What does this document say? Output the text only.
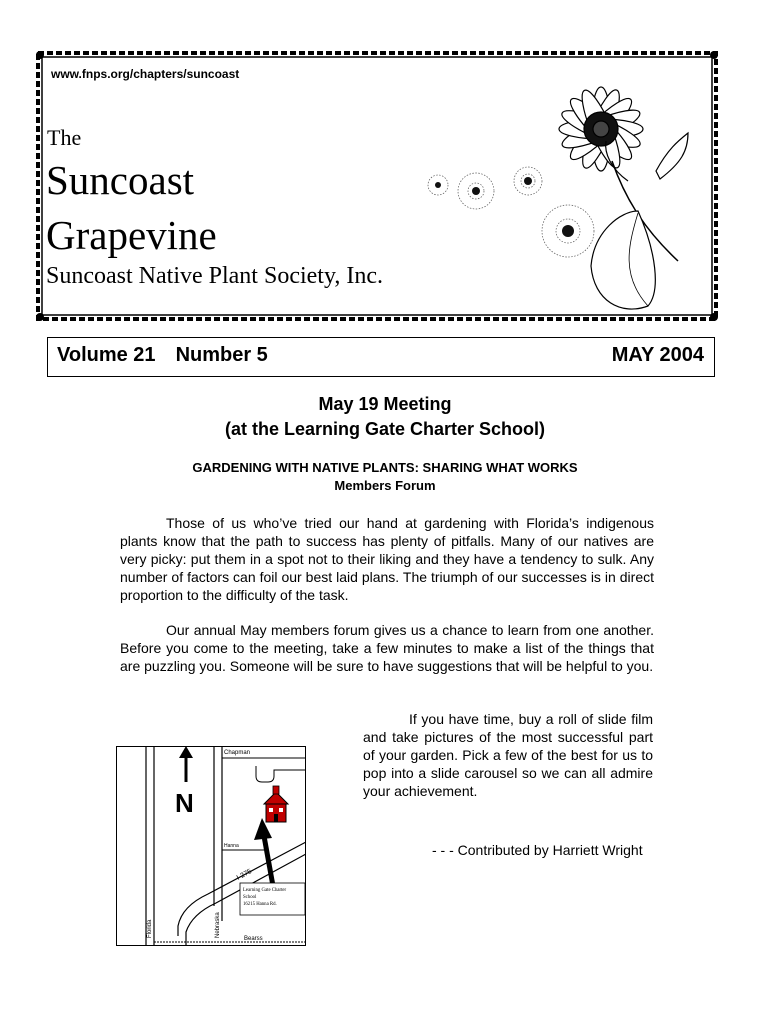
www.fnps.org/chapters/suncoast
The
Suncoast
Grapevine
Suncoast Native Plant Society, Inc.
Volume 21 Number 5	MAY 2004
May 19 Meeting
(at the Learning Gate Charter School)
GARDENING WITH NATIVE PLANTS: SHARING WHAT WORKS
Members Forum
Those of us who’ve tried our hand at gardening with Florida’s indigenous plants know that the path to success has plenty of pitfalls. Many of our natives are very picky: put them in a spot not to their liking and they have a tendency to sulk. Any number of factors can foil our best laid plans. The triumph of our successes is in direct proportion to the difficulty of the task.
Our annual May members forum gives us a chance to learn from one another. Before you come to the meeting, take a few minutes to make a list of the things that are puzzling you. Someone will be sure to have suggestions that will be helpful to you.
If you have time, buy a roll of slide film and take pictures of the most successful part of your garden. Pick a few of the best for us to pop into a slide carousel so we can all admire your achievement.
- - - Contributed by Harriett Wright
N
Chapman
Hanna
I-275
Florida	Nebraska
Bearss
Learning Gate Charter
School
16215 Hanna Rd.
